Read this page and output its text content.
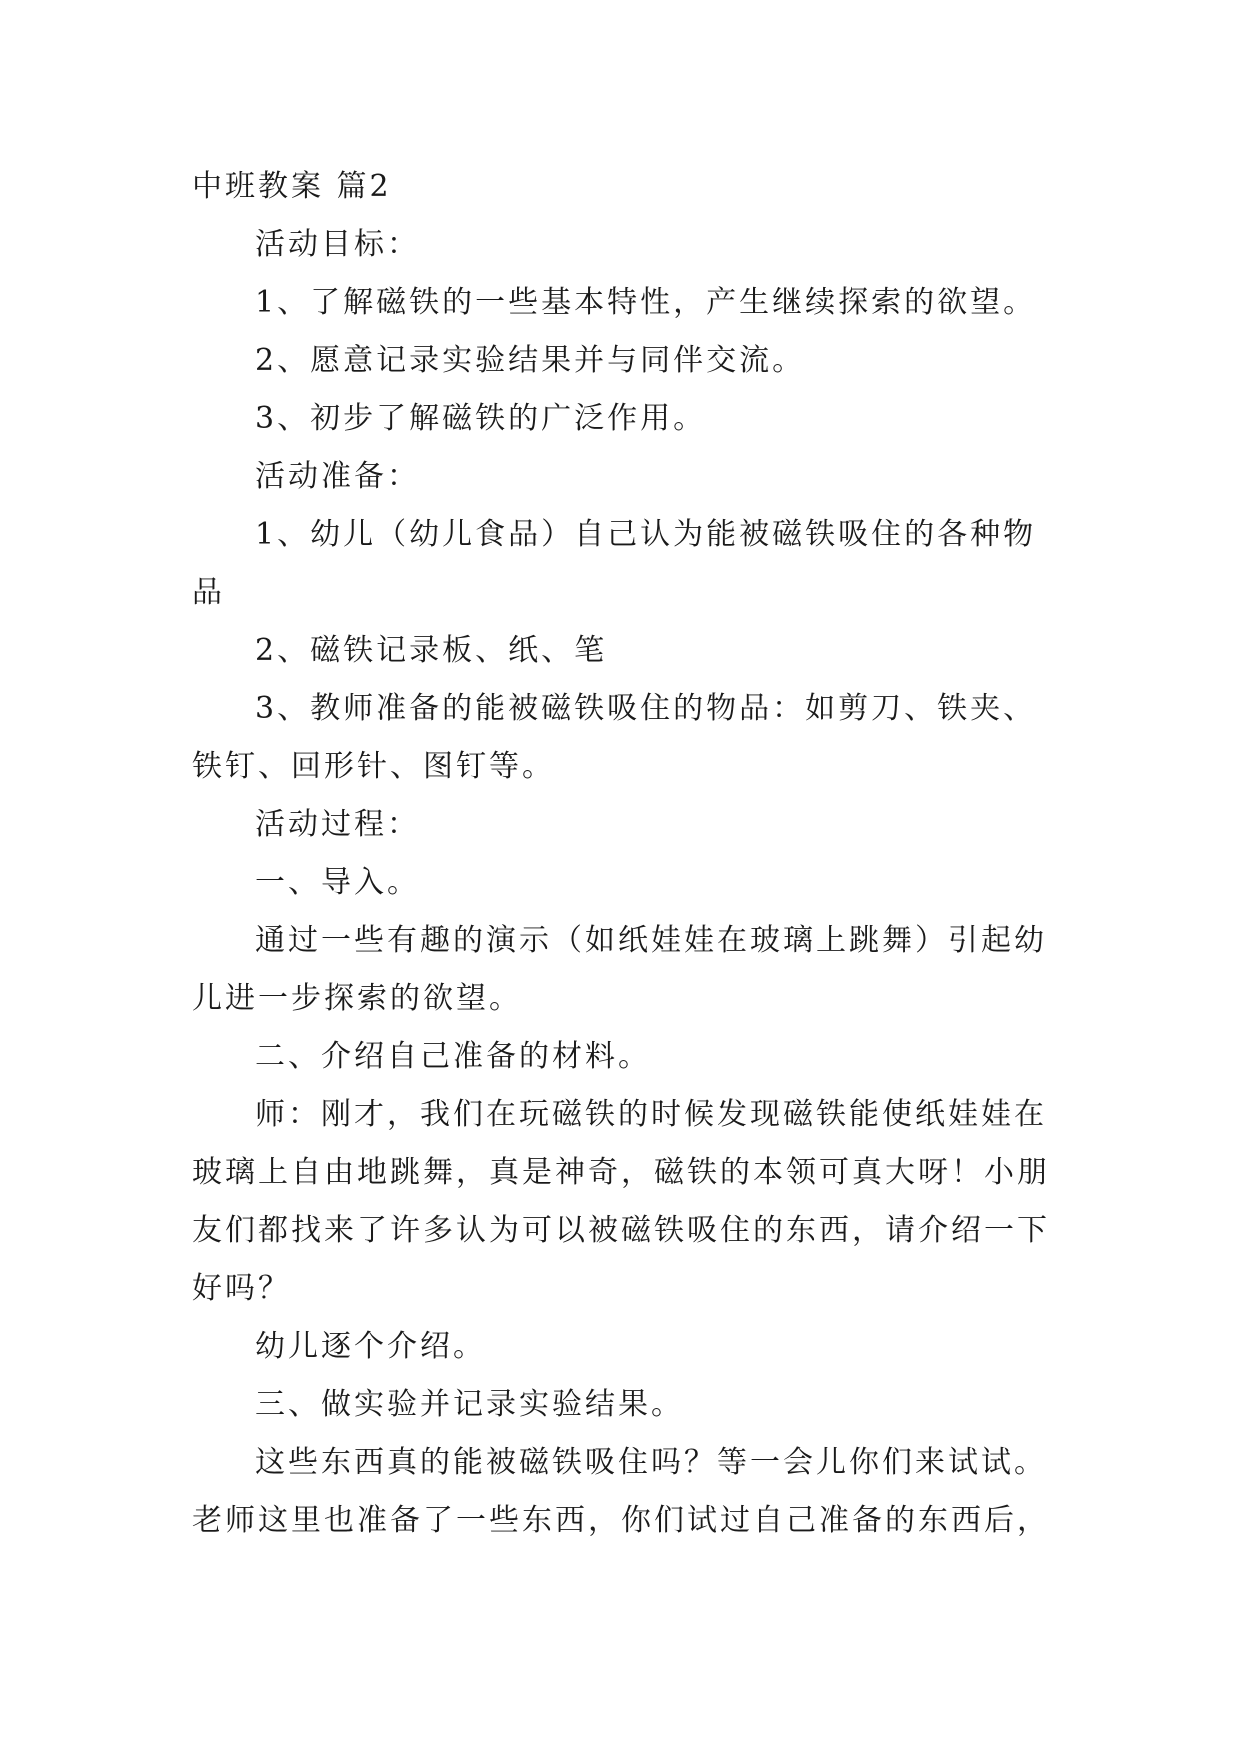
中班教案 篇2
活动目标：
1、了解磁铁的一些基本特性，产生继续探索的欲望。
2、愿意记录实验结果并与同伴交流。
3、初步了解磁铁的广泛作用。
活动准备：
1、幼儿（幼儿食品）自己认为能被磁铁吸住的各种物
品
2、磁铁记录板、纸、笔
3、教师准备的能被磁铁吸住的物品：如剪刀、铁夹、
铁钉、回形针、图钉等。
活动过程：
一、导入。
通过一些有趣的演示（如纸娃娃在玻璃上跳舞）引起幼
儿进一步探索的欲望。
二、介绍自己准备的材料。
师：刚才，我们在玩磁铁的时候发现磁铁能使纸娃娃在
玻璃上自由地跳舞，真是神奇，磁铁的本领可真大呀！小朋
友们都找来了许多认为可以被磁铁吸住的东西，请介绍一下
好吗？
幼儿逐个介绍。
三、做实验并记录实验结果。
这些东西真的能被磁铁吸住吗？等一会儿你们来试试。
老师这里也准备了一些东西，你们试过自己准备的东西后，
